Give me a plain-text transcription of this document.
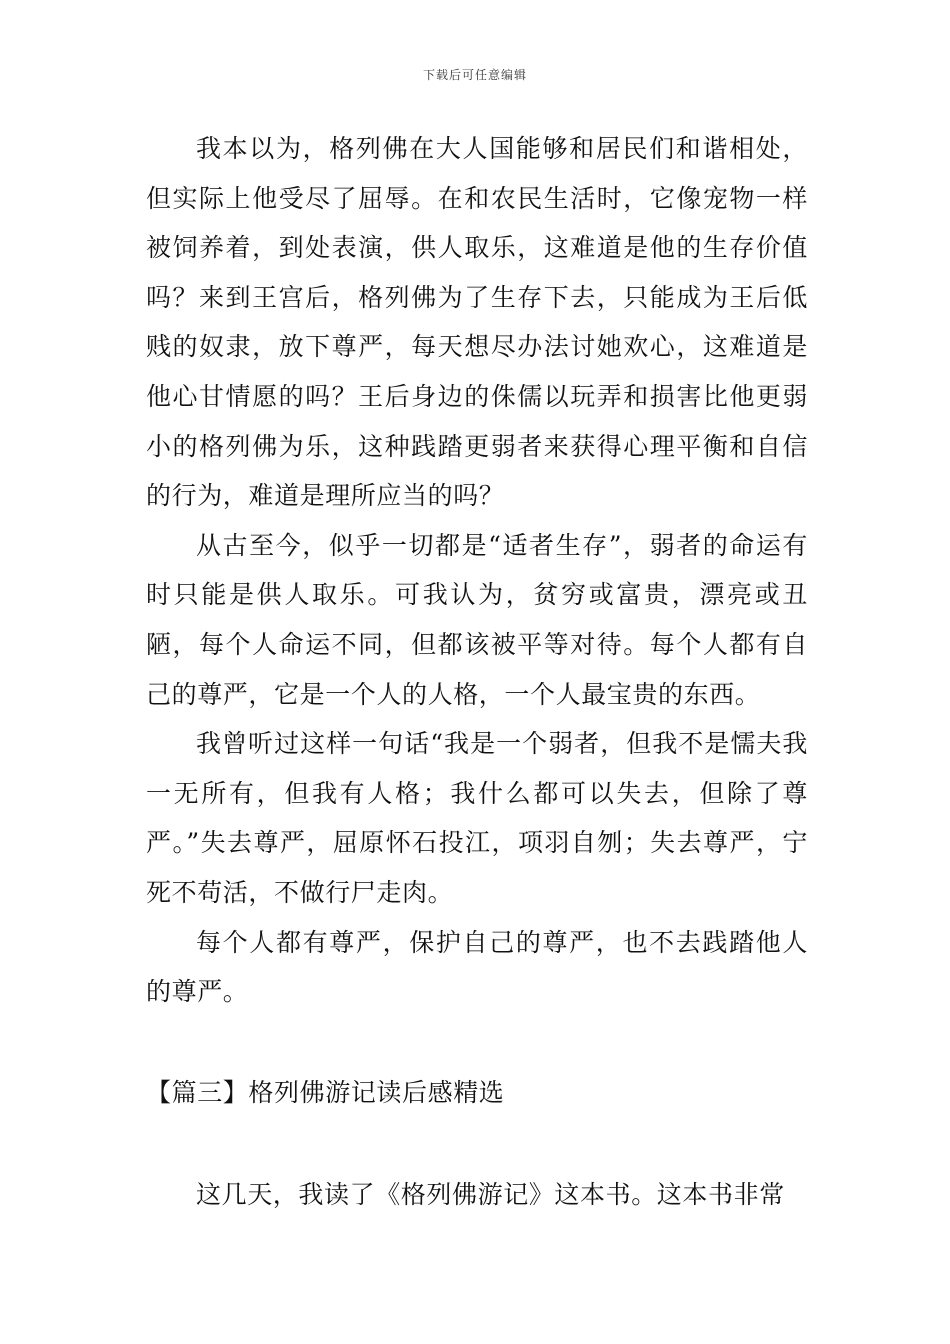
下载后可任意编辑

我本以为，格列佛在大人国能够和居民们和谐相处，但实际上他受尽了屈辱。在和农民生活时，它像宠物一样被饲养着，到处表演，供人取乐，这难道是他的生存价值吗？来到王宫后，格列佛为了生存下去，只能成为王后低贱的奴隶，放下尊严，每天想尽办法讨她欢心，这难道是他心甘情愿的吗？王后身边的侏儒以玩弄和损害比他更弱小的格列佛为乐，这种践踏更弱者来获得心理平衡和自信的行为，难道是理所应当的吗？

从古至今，似乎一切都是“适者生存”，弱者的命运有时只能是供人取乐。可我认为，贫穷或富贵，漂亮或丑陋，每个人命运不同，但都该被平等对待。每个人都有自己的尊严，它是一个人的人格，一个人最宝贵的东西。

我曾听过这样一句话“我是一个弱者，但我不是懦夫我一无所有，但我有人格；我什么都可以失去，但除了尊严。”失去尊严，屈原怀石投江，项羽自刎；失去尊严，宁死不苟活，不做行尸走肉。

每个人都有尊严，保护自己的尊严，也不去践踏他人的尊严。

【篇三】格列佛游记读后感精选

这几天，我读了《格列佛游记》这本书。这本书非常
